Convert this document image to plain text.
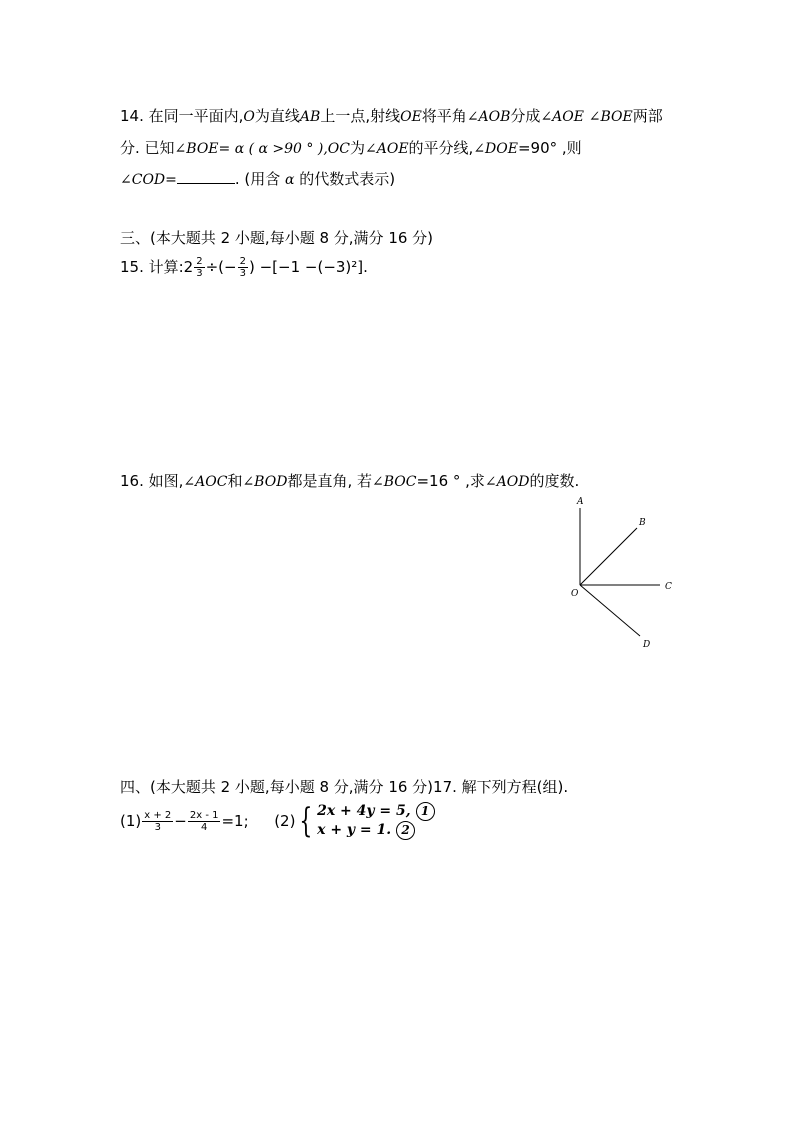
14. 在同一平面内,O为直线AB上一点,射线OE将平角∠AOB分成∠AOE ∠BOE两部
分. 已知∠BOE= α ( α >90 ° ),OC为∠AOE的平分线,∠DOE=90° ,则
∠COD=	. (用含 α 的代数式表示)
三、(本大题共 2 小题,每小题 8 分,满分 16 分)
15. 计算:2 $\frac{2}{3}$ ÷(− $\frac{2}{3}$ ) −[−1 −(−3)²].
16. 如图,∠AOC和∠BOD都是直角, 若∠BOC=16 ° ,求∠AOD的度数.
A
B
C
D
O
四、(本大题共 2 小题,每小题 8 分,满分 16 分)17. 解下列方程(组).
$(1) \frac{x + 2}{3} - \frac{2x - 1}{4} =1$; (2) { 2x + 4y = 5, 1
x + y = 1. 2
